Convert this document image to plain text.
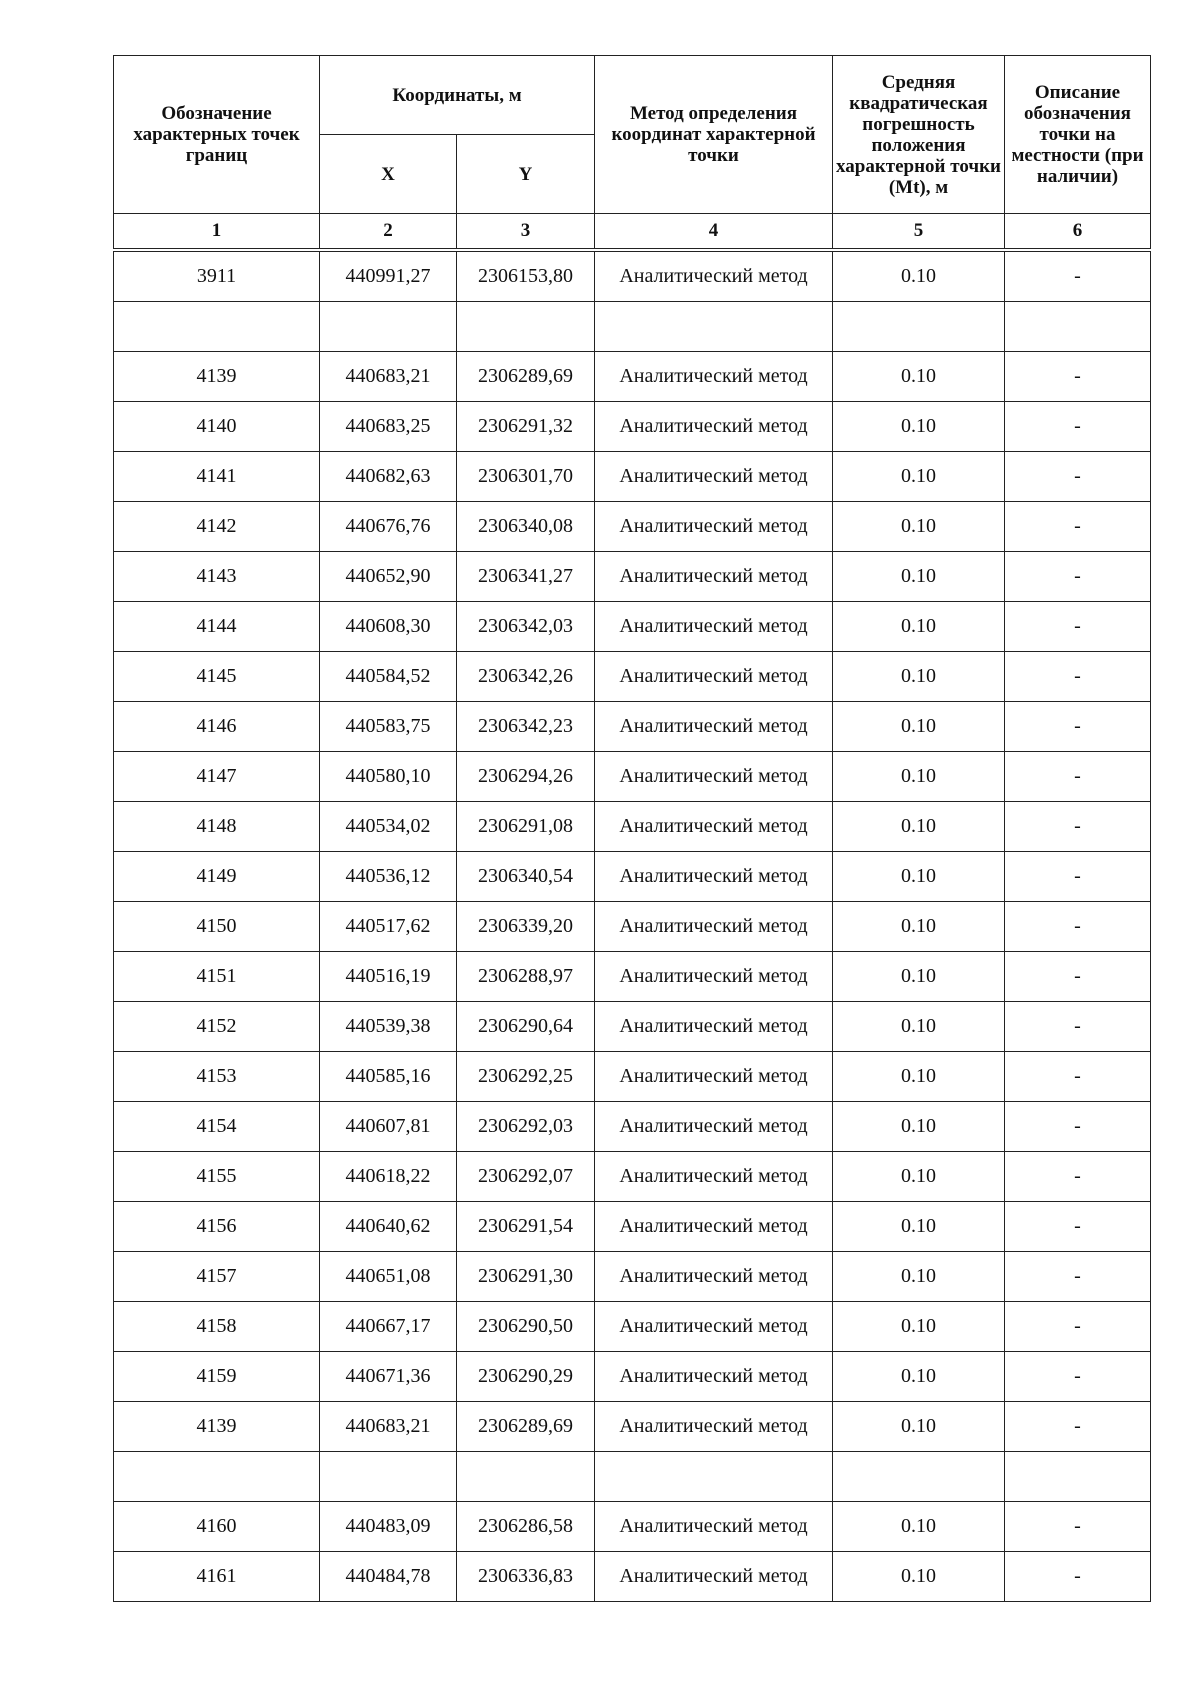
Обозначение характерных точек границ	Координаты, м		Метод определения координат характерной точки	Средняя квадратическая погрешность положения характерной точки (Mt), м	Описание обозначения точки на местности (при наличии)
	X	Y			
1	2	3	4	5	6

3911	440991,27	2306153,80	Аналитический метод	0.10	-

4139	440683,21	2306289,69	Аналитический метод	0.10	-
4140	440683,25	2306291,32	Аналитический метод	0.10	-
4141	440682,63	2306301,70	Аналитический метод	0.10	-
4142	440676,76	2306340,08	Аналитический метод	0.10	-
4143	440652,90	2306341,27	Аналитический метод	0.10	-
4144	440608,30	2306342,03	Аналитический метод	0.10	-
4145	440584,52	2306342,26	Аналитический метод	0.10	-
4146	440583,75	2306342,23	Аналитический метод	0.10	-
4147	440580,10	2306294,26	Аналитический метод	0.10	-
4148	440534,02	2306291,08	Аналитический метод	0.10	-
4149	440536,12	2306340,54	Аналитический метод	0.10	-
4150	440517,62	2306339,20	Аналитический метод	0.10	-
4151	440516,19	2306288,97	Аналитический метод	0.10	-
4152	440539,38	2306290,64	Аналитический метод	0.10	-
4153	440585,16	2306292,25	Аналитический метод	0.10	-
4154	440607,81	2306292,03	Аналитический метод	0.10	-
4155	440618,22	2306292,07	Аналитический метод	0.10	-
4156	440640,62	2306291,54	Аналитический метод	0.10	-
4157	440651,08	2306291,30	Аналитический метод	0.10	-
4158	440667,17	2306290,50	Аналитический метод	0.10	-
4159	440671,36	2306290,29	Аналитический метод	0.10	-
4139	440683,21	2306289,69	Аналитический метод	0.10	-

4160	440483,09	2306286,58	Аналитический метод	0.10	-
4161	440484,78	2306336,83	Аналитический метод	0.10	-
